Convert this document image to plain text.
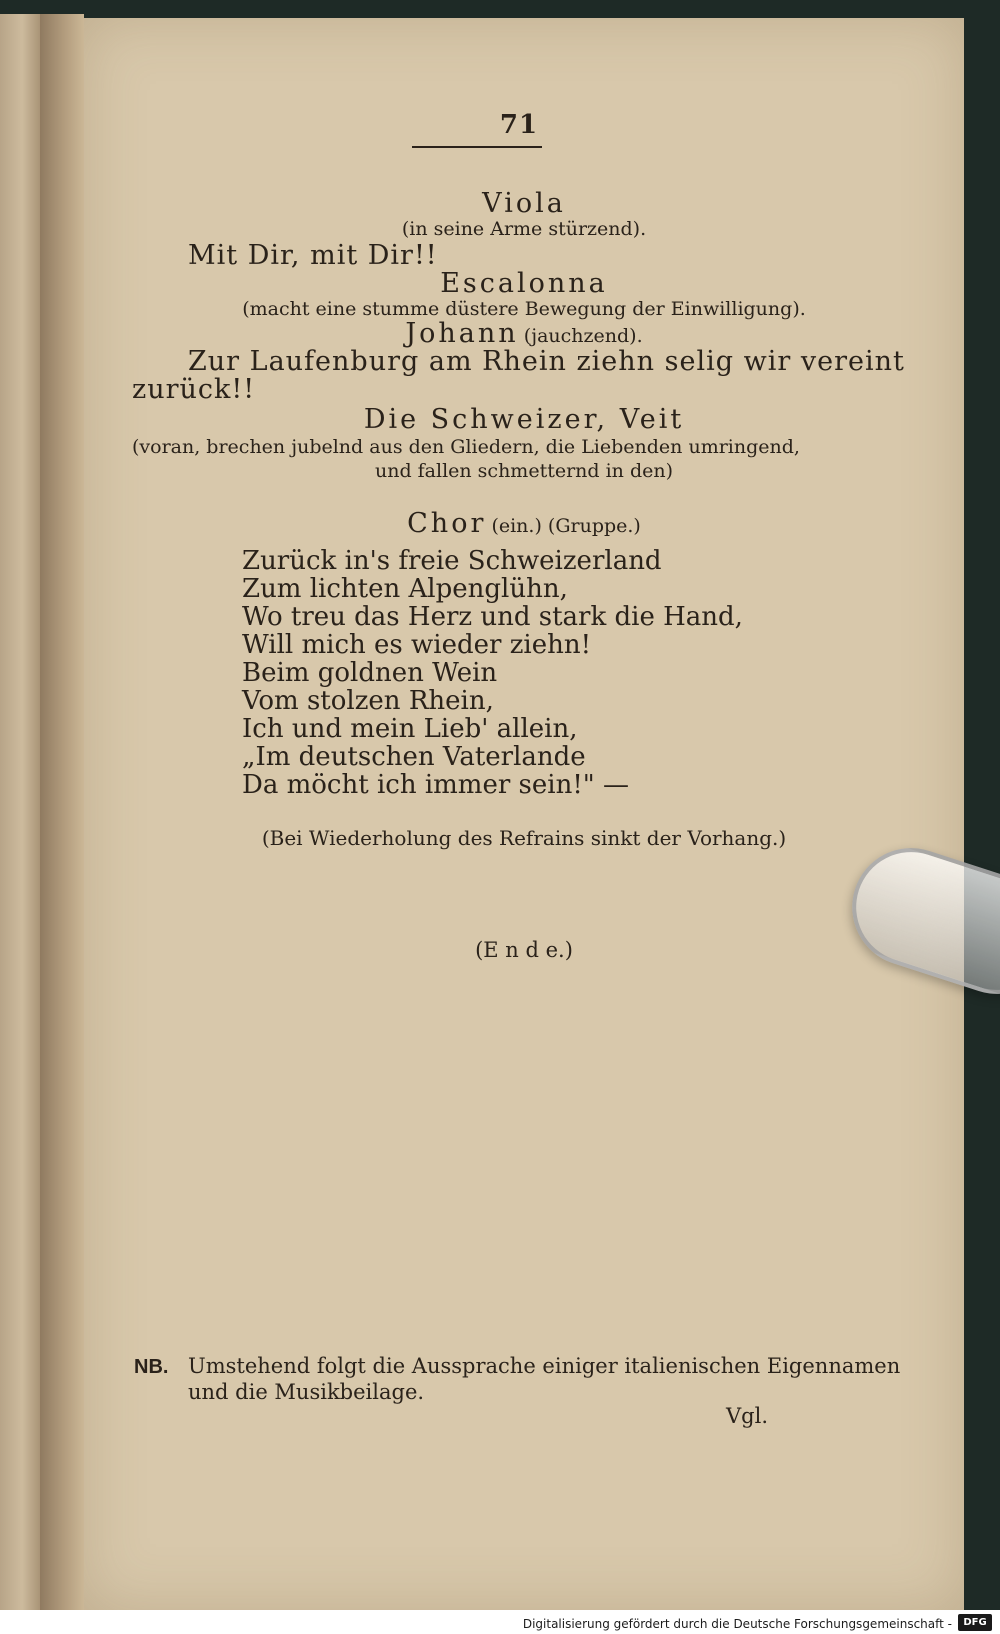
71
Viola
(in seine Arme stürzend).
Mit Dir, mit Dir!!
Escalonna
(macht eine stumme düstere Bewegung der Einwilligung).
Johann (jauchzend).
Zur Laufenburg am Rhein ziehn selig wir vereint
zurück!!
Die Schweizer, Veit
(voran, brechen jubelnd aus den Gliedern, die Liebenden umringend,
und fallen schmetternd in den)
Chor (ein.) (Gruppe.)
Zurück in's freie Schweizerland
Zum lichten Alpenglühn,
Wo treu das Herz und stark die Hand,
Will mich es wieder ziehn!
Beim goldnen Wein
Vom stolzen Rhein,
Ich und mein Lieb' allein,
„Im deutschen Vaterlande
Da möcht ich immer sein!" —
(Bei Wiederholung des Refrains sinkt der Vorhang.)
(E n d e.)
NB. Umstehend folgt die Aussprache einiger italienischen Eigennamen
und die Musikbeilage.
Vgl.
Digitalisierung gefördert durch die Deutsche Forschungsgemeinschaft -	DFG
